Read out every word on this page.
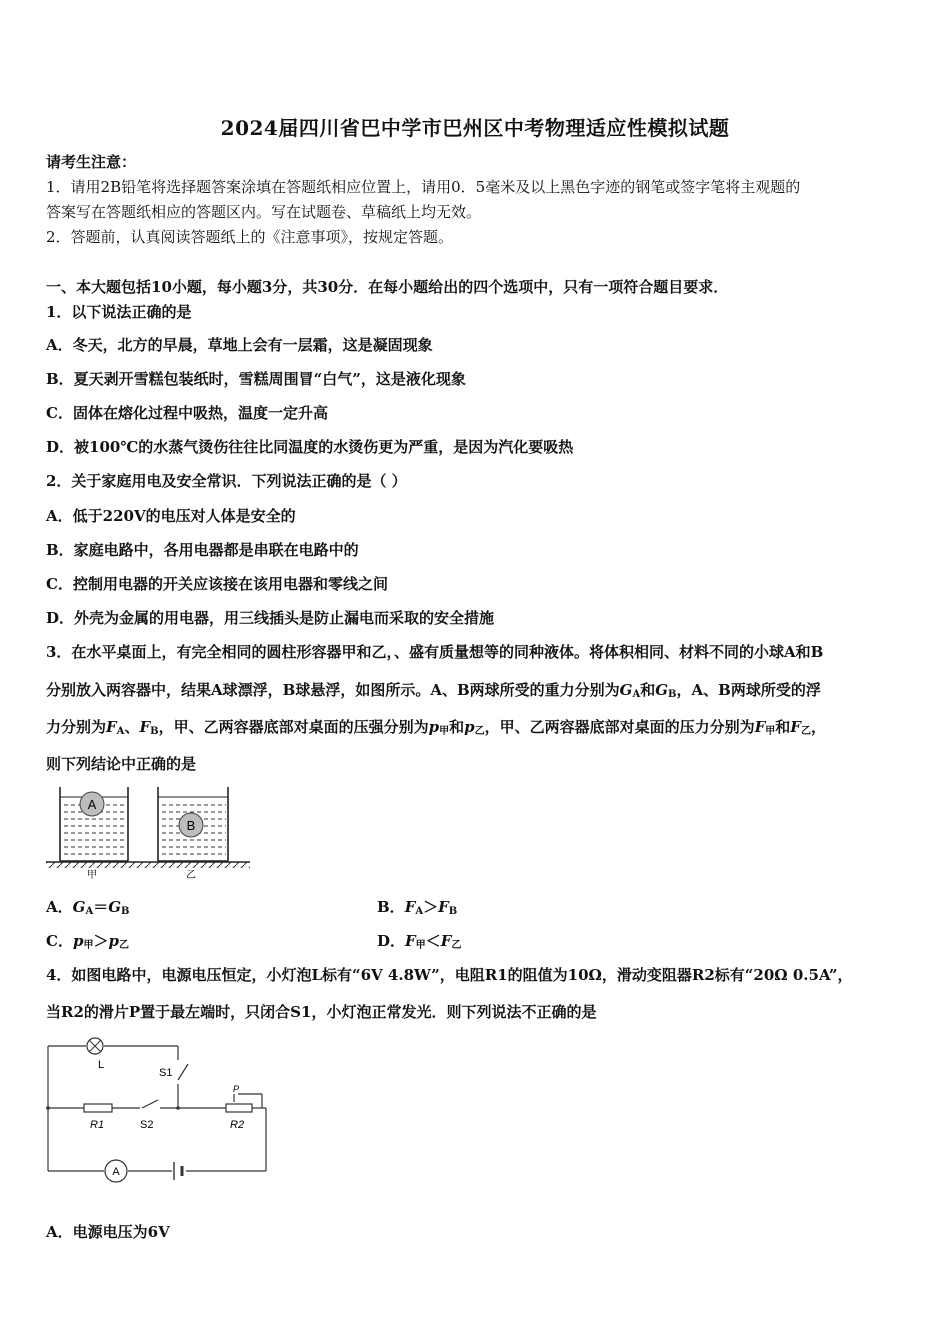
2024届四川省巴中学市巴州区中考物理适应性模拟试题
请考生注意：
1．请用2B铅笔将选择题答案涂填在答题纸相应位置上，请用0．5毫米及以上黑色字迹的钢笔或签字笔将主观题的
答案写在答题纸相应的答题区内。写在试题卷、草稿纸上均无效。
2．答题前，认真阅读答题纸上的《注意事项》，按规定答题。
一、本大题包括10小题，每小题3分，共30分．在每小题给出的四个选项中，只有一项符合题目要求．
1．以下说法正确的是
A．冬天，北方的早晨，草地上会有一层霜，这是凝固现象
B．夏天剥开雪糕包装纸时，雪糕周围冒“白气”，这是液化现象
C．固体在熔化过程中吸热，温度一定升高
D．被100℃的水蒸气烫伤往往比同温度的水烫伤更为严重，是因为汽化要吸热
2．关于家庭用电及安全常识．下列说法正确的是（ ）
A．低于220V的电压对人体是安全的
B．家庭电路中，各用电器都是串联在电路中的
C．控制用电器的开关应该接在该用电器和零线之间
D．外壳为金属的用电器，用三线插头是防止漏电而采取的安全措施
3．在水平桌面上，有完全相同的圆柱形容器甲和乙，、盛有质量想等的同种液体。将体积相同、材料不同的小球A和B
分别放入两容器中，结果A球漂浮，B球悬浮，如图所示。A、B两球所受的重力分别为$G_A$和$G_B$，A、B两球所受的浮
力分别为$F_A$、$F_B$，甲、乙两容器底部对桌面的压强分别为$p_甲$和$p_乙$，甲、乙两容器底部对桌面的压力分别为$F_甲$和$F_乙$，
则下列结论中正确的是
A
B
甲	乙
A．$G_A=G_B$	B．$F_A>F_B$
C．$p_甲>p_乙$	D．$F_甲<F_乙$
4．如图电路中，电源电压恒定，小灯泡L标有“6V 4.8W”，电阻R1的阻值为10Ω，滑动变阻器R2标有“20Ω 0.5A”，
当R2的滑片P置于最左端时，只闭合S1，小灯泡正常发光．则下列说法不正确的是
L
S1
R1	S2	R2
P
A
A．电源电压为6V
